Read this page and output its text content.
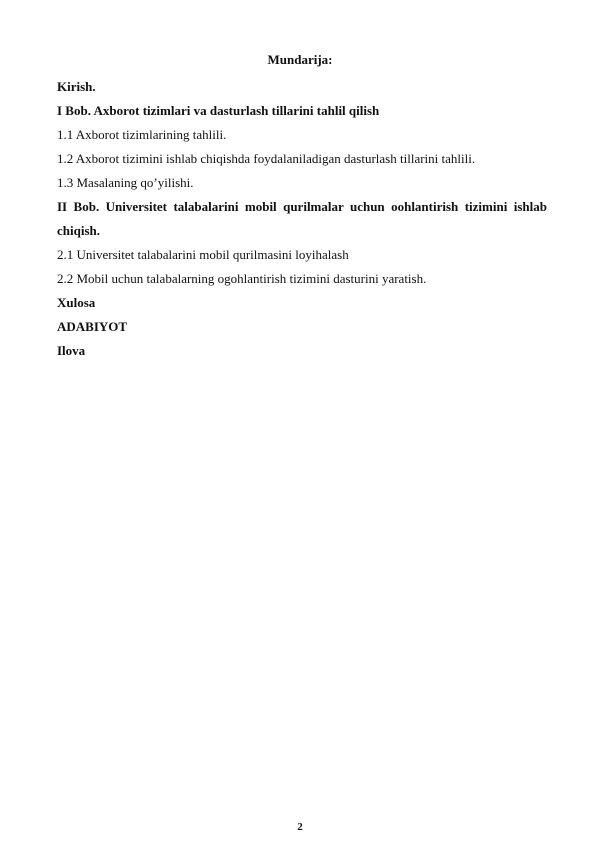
Mundarija:
Kirish.
I Bob. Axborot tizimlari va dasturlash tillarini tahlil qilish
1.1 Axborot tizimlarining tahlili.
1.2 Axborot tizimini ishlab chiqishda foydalaniladigan dasturlash tillarini tahlili.
1.3 Masalaning qo’yilishi.
II Bob. Universitet talabalarini mobil qurilmalar uchun oohlantirish tizimini ishlab chiqish.
2.1 Universitet talabalarini mobil qurilmasini loyihalash
2.2 Mobil uchun talabalarning ogohlantirish tizimini dasturini yaratish.
Xulosa
ADABIYOT
Ilova
2
